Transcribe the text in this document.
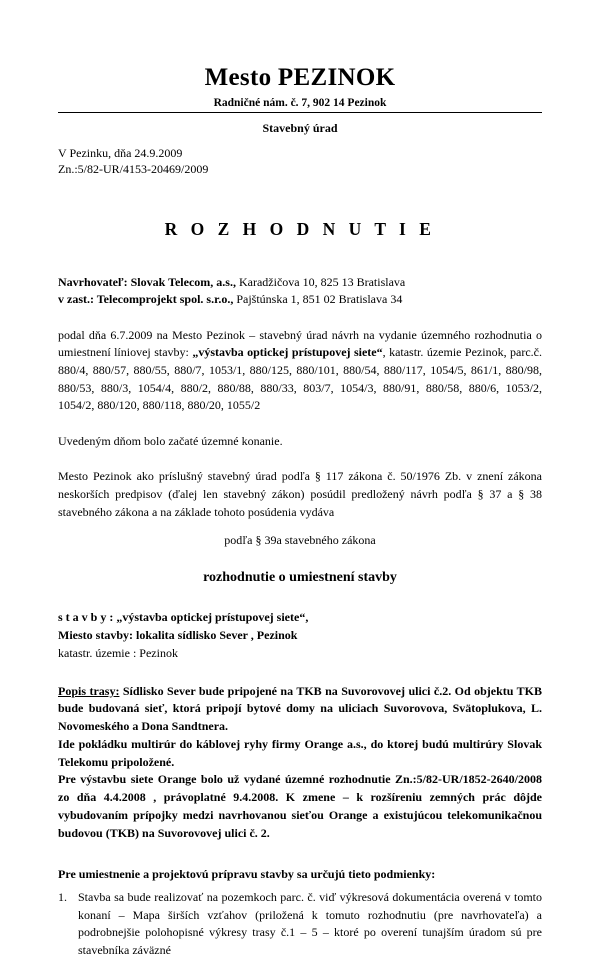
Mesto PEZINOK
Radničné nám. č. 7, 902 14 Pezinok
Stavebný úrad
V Pezinku, dňa 24.9.2009
Zn.:5/82-UR/4153-20469/2009
R O Z H O D N U T I E
Navrhovateľ: Slovak Telecom, a.s., Karadžičova 10, 825 13 Bratislava
v zast.: Telecomprojekt spol. s.r.o., Pajštúnska 1, 851 02 Bratislava 34

podal dňa 6.7.2009 na Mesto Pezinok – stavebný úrad návrh na vydanie územného rozhodnutia o umiestnení líniovej stavby: „výstavba optickej prístupovej siete“, katastr. územie Pezinok, parc.č. 880/4, 880/57, 880/55, 880/7, 1053/1, 880/125, 880/101, 880/54, 880/117, 1054/5, 861/1, 880/98, 880/53, 880/3, 1054/4, 880/2, 880/88, 880/33, 803/7, 1054/3, 880/91, 880/58, 880/6, 1053/2, 1054/2, 880/120, 880/118, 880/20, 1055/2

Uvedeným dňom bolo začaté územné konanie.

Mesto Pezinok ako príslušný stavebný úrad podľa § 117 zákona č. 50/1976 Zb. v znení zákona neskorších predpisov (ďalej len stavebný zákon) posúdil predložený návrh podľa § 37 a § 38 stavebného zákona a na základe tohoto posúdenia vydáva

podľa § 39a stavebného zákona
rozhodnutie o umiestnení stavby
s t a v b y : „výstavba optickej prístupovej siete“,
Miesto stavby: lokalita sídlisko Sever , Pezinok
katastr. územie : Pezinok

Popis trasy: Sídlisko Sever bude pripojené na TKB na Suvorovovej ulici č.2. Od objektu TKB bude budovaná sieť, ktorá pripojí bytové domy na uliciach Suvorovova, Svätoplukova, L. Novomeského a Dona Sandtnera.

Ide pokládku multirúr do káblovej ryhy firmy Orange a.s., do ktorej budú multirúry Slovak Telekomu pripoložené.

Pre výstavbu siete Orange bolo už vydané územné rozhodnutie Zn.:5/82-UR/1852-2640/2008 zo dňa 4.4.2008 , právoplatné 9.4.2008. K zmene – k rozšíreniu zemných prác dôjde vybudovaním prípojky medzi navrhovanou sieťou Orange a existujúcou telekomunikačnou budovou (TKB) na Suvorovovej ulici č. 2.

Pre umiestnenie a projektovú prípravu stavby sa určujú tieto podmienky:
1. Stavba sa bude realizovať na pozemkoch parc. č. viď výkresová dokumentácia overená v tomto konaní – Mapa širších vzťahov (priložená k tomuto rozhodnutiu (pre navrhovateľa) a podrobnejšie polohopisné výkresy trasy č.1 – 5 – ktoré po overení tunajším úradom sú pre stavebníka záväzné
